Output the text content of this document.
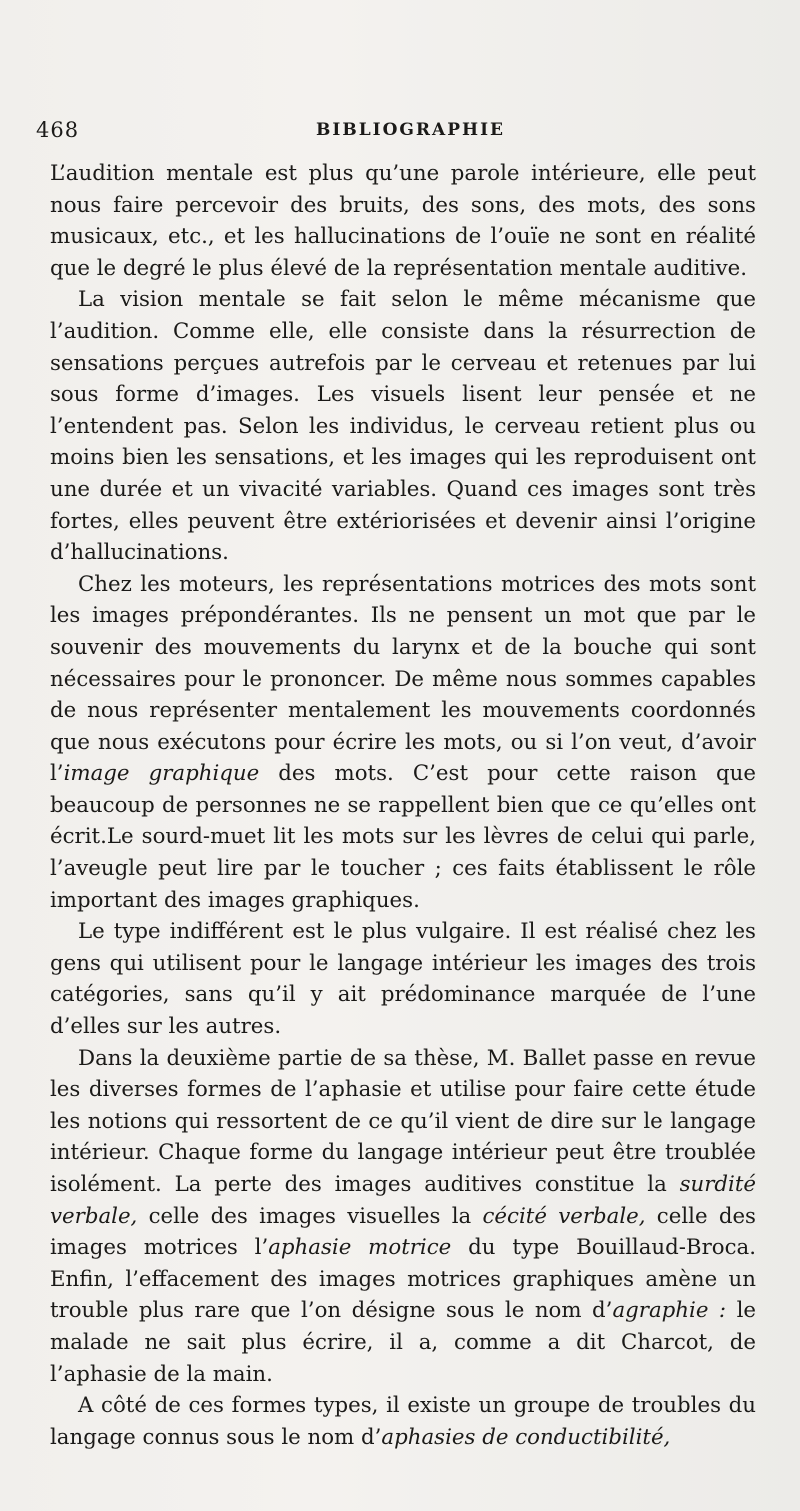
468	BIBLIOGRAPHIE

L’audition mentale est plus qu’une parole intérieure, elle peut nous faire percevoir des bruits, des sons, des mots, des sons musicaux, etc., et les hallucinations de l’ouïe ne sont en réalité que le degré le plus élevé de la représentation mentale auditive.

La vision mentale se fait selon le même mécanisme que l’audition. Comme elle, elle consiste dans la résurrection de sensations perçues autrefois par le cerveau et retenues par lui sous forme d’images. Les visuels lisent leur pensée et ne l’entendent pas. Selon les individus, le cerveau retient plus ou moins bien les sensations, et les images qui les reproduisent ont une durée et un vivacité variables. Quand ces images sont très fortes, elles peuvent être extériorisées et devenir ainsi l’origine d’hallucinations.

Chez les moteurs, les représentations motrices des mots sont les images prépondérantes. Ils ne pensent un mot que par le souvenir des mouvements du larynx et de la bouche qui sont nécessaires pour le prononcer. De même nous sommes capables de nous représenter mentalement les mouvements coordonnés que nous exécutons pour écrire les mots, ou si l’on veut, d’avoir l’image graphique des mots. C’est pour cette raison que beaucoup de personnes ne se rappellent bien que ce qu’elles ont écrit.Le sourd-muet lit les mots sur les lèvres de celui qui parle, l’aveugle peut lire par le toucher ; ces faits établissent le rôle important des images graphiques.

Le type indifférent est le plus vulgaire. Il est réalisé chez les gens qui utilisent pour le langage intérieur les images des trois catégories, sans qu’il y ait prédominance marquée de l’une d’elles sur les autres.

Dans la deuxième partie de sa thèse, M. Ballet passe en revue les diverses formes de l’aphasie et utilise pour faire cette étude les notions qui ressortent de ce qu’il vient de dire sur le langage intérieur. Chaque forme du langage intérieur peut être troublée isolément. La perte des images auditives constitue la surdité verbale, celle des images visuelles la cécité verbale, celle des images motrices l’aphasie motrice du type Bouillaud-Broca. Enfin, l’effacement des images motrices graphiques amène un trouble plus rare que l’on désigne sous le nom d’agraphie : le malade ne sait plus écrire, il a, comme a dit Charcot, de l’aphasie de la main.

A côté de ces formes types, il existe un groupe de troubles du langage connus sous le nom d’aphasies de conductibilité,
